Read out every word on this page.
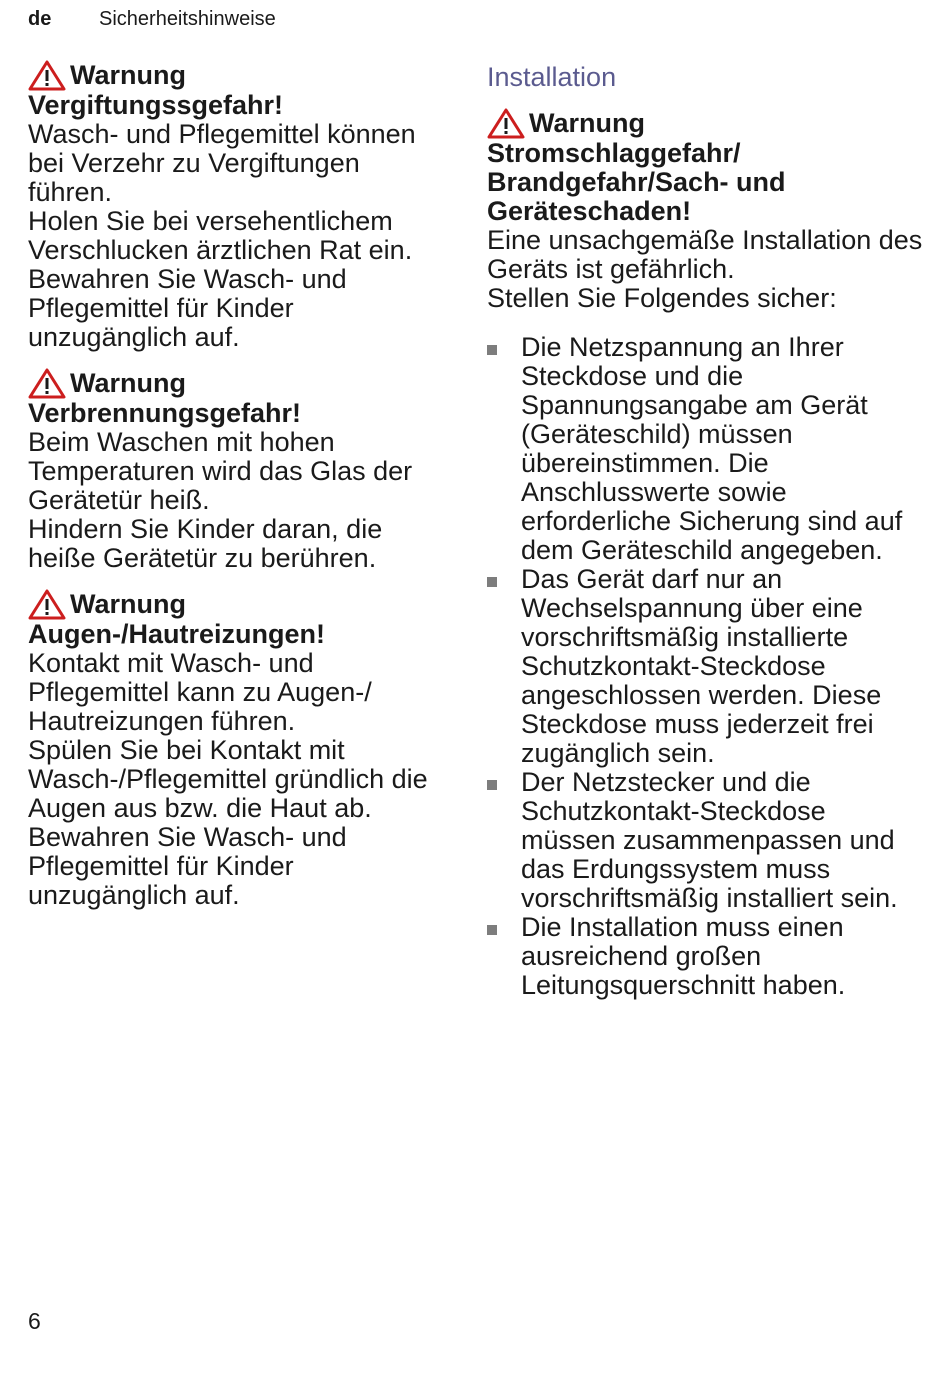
de Sicherheitshinweise
Warnung
Vergiftungssgefahr!
Wasch- und Pflegemittel können bei Verzehr zu Vergiftungen führen.
Holen Sie bei versehentlichem Verschlucken ärztlichen Rat ein. Bewahren Sie Wasch- und Pflegemittel für Kinder unzugänglich auf.
Warnung
Verbrennungsgefahr!
Beim Waschen mit hohen Temperaturen wird das Glas der Gerätetür heiß.
Hindern Sie Kinder daran, die heiße Gerätetür zu berühren.
Warnung
Augen-/Hautreizungen!
Kontakt mit Wasch- und Pflegemittel kann zu Augen-/ Hautreizungen führen.
Spülen Sie bei Kontakt mit Wasch-/Pflegemittel gründlich die Augen aus bzw. die Haut ab. Bewahren Sie Wasch- und Pflegemittel für Kinder unzugänglich auf.
Installation
Warnung
Stromschlaggefahr/ Brandgefahr/Sach- und Geräteschaden!
Eine unsachgemäße Installation des Geräts ist gefährlich.
Stellen Sie Folgendes sicher:
Die Netzspannung an Ihrer Steckdose und die Spannungsangabe am Gerät (Geräteschild) müssen übereinstimmen. Die Anschlusswerte sowie erforderliche Sicherung sind auf dem Geräteschild angegeben.
Das Gerät darf nur an Wechselspannung über eine vorschriftsmäßig installierte Schutzkontakt-Steckdose angeschlossen werden. Diese Steckdose muss jederzeit frei zugänglich sein.
Der Netzstecker und die Schutzkontakt-Steckdose müssen zusammenpassen und das Erdungssystem muss vorschriftsmäßig installiert sein.
Die Installation muss einen ausreichend großen Leitungsquerschnitt haben.
6
